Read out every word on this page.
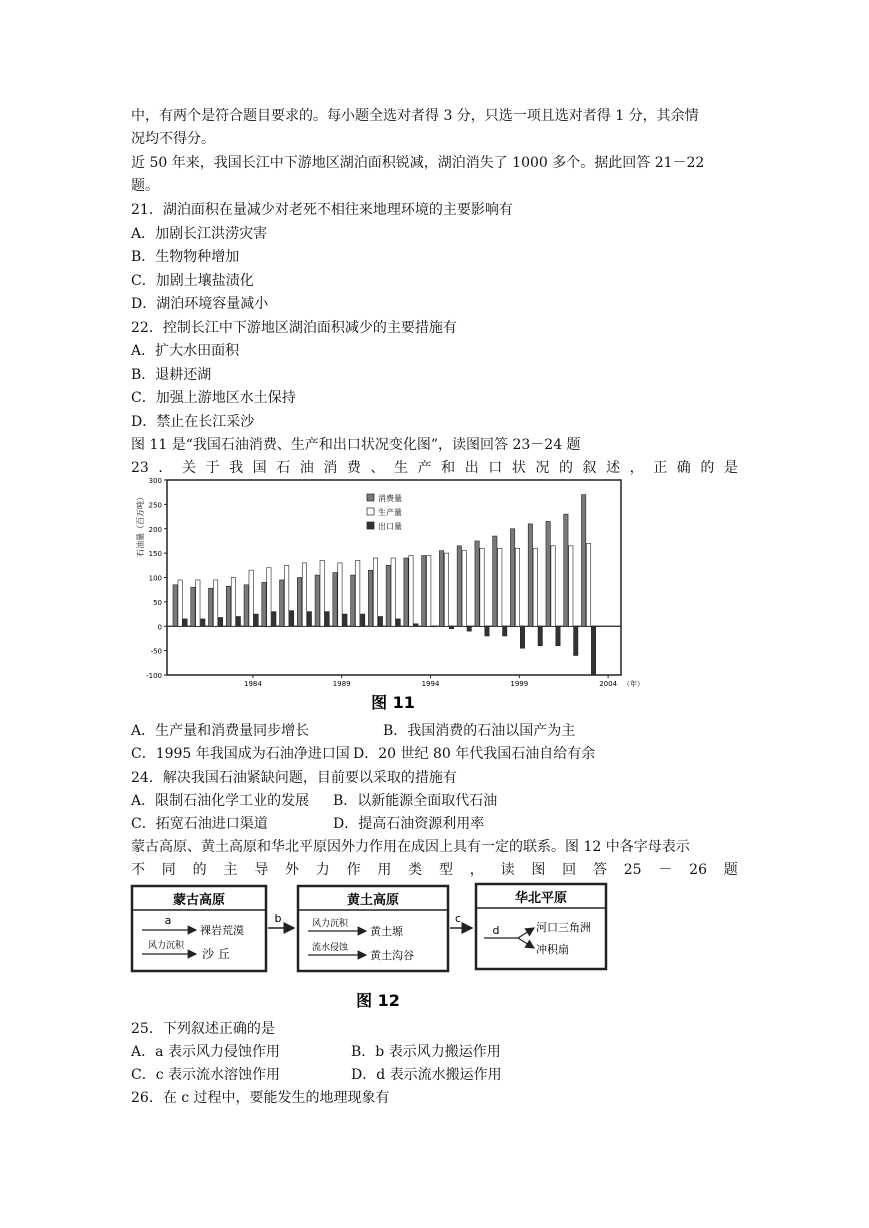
中，有两个是符合题目要求的。每小题全选对者得 3 分，只选一项且选对者得 1 分，其余情
况均不得分。
近 50 年来，我国长江中下游地区湖泊面积锐减，湖泊消失了 1000 多个。据此回答 21－22
题。
21．湖泊面积在量减少对老死不相往来地理环境的主要影响有
A．加剧长江洪涝灾害
B．生物物种增加
C．加剧土壤盐渍化
D．湖泊环境容量减小
22．控制长江中下游地区湖泊面积减少的主要措施有
A．扩大水田面积
B．退耕还湖
C．加强上游地区水土保持
D．禁止在长江采沙
图 11 是“我国石油消费、生产和出口状况变化图”，读图回答 23－24 题
23 ． 关 于 我 国 石 油 消 费 、 生 产 和 出 口 状 况 的 叙 述 ， 正 确 的 是
300
250
200
150
100
50
0
-50
-100
石油量（百万吨）
1984	1989	1994	1999	2004 （年）
消费量
生产量
出口量
图 11
A．生产量和消费量同步增长	B．我国消费的石油以国产为主
C．1995 年我国成为石油净进口国 D．20 世纪 80 年代我国石油自给有余
24．解决我国石油紧缺问题，目前要以采取的措施有
A．限制石油化学工业的发展 B．以新能源全面取代石油
C．拓宽石油进口渠道	D．提高石油资源利用率
蒙古高原、黄土高原和华北平原因外力作用在成因上具有一定的联系。图 12 中各字母表示
不 同 的 主 导 外 力 作 用 类 型 ， 读 图 回 答 25 － 26 题
蒙古高原
a
裸岩荒漠
风力沉积
沙 丘
b
黄土高原
风力沉积
黄土塬
流水侵蚀
黄土沟谷
c
华北平原
d	河口三角洲
冲积扇
图 12
25．下列叙述正确的是
A．a 表示风力侵蚀作用	B．b 表示风力搬运作用
C．c 表示流水溶蚀作用	D．d 表示流水搬运作用
26．在 c 过程中，要能发生的地理现象有
